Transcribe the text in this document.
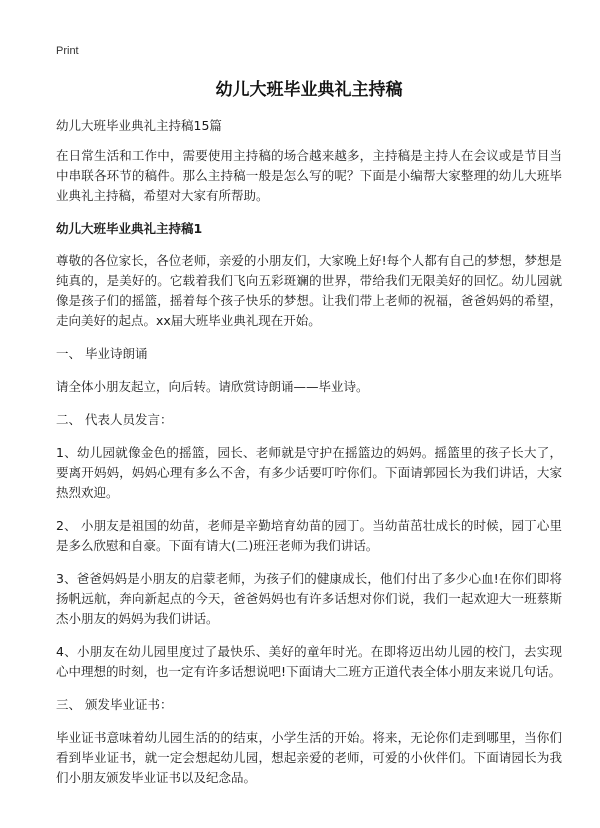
Print
幼儿大班毕业典礼主持稿
幼儿大班毕业典礼主持稿15篇
在日常生活和工作中，需要使用主持稿的场合越来越多，主持稿是主持人在会议或是节目当中串联各环节的稿件。那么主持稿一般是怎么写的呢？下面是小编帮大家整理的幼儿大班毕业典礼主持稿，希望对大家有所帮助。
幼儿大班毕业典礼主持稿1
尊敬的各位家长，各位老师，亲爱的小朋友们，大家晚上好!每个人都有自己的梦想，梦想是纯真的，是美好的。它载着我们飞向五彩斑斓的世界，带给我们无限美好的回忆。幼儿园就像是孩子们的摇篮，摇着每个孩子快乐的梦想。让我们带上老师的祝福，爸爸妈妈的希望，走向美好的起点。xx届大班毕业典礼现在开始。
一、 毕业诗朗诵
请全体小朋友起立，向后转。请欣赏诗朗诵——毕业诗。
二、 代表人员发言：
1、幼儿园就像金色的摇篮，园长、老师就是守护在摇篮边的妈妈。摇篮里的孩子长大了，要离开妈妈，妈妈心理有多么不舍，有多少话要叮咛你们。下面请郭园长为我们讲话，大家热烈欢迎。
2、 小朋友是祖国的幼苗，老师是辛勤培育幼苗的园丁。当幼苗茁壮成长的时候，园丁心里是多么欣慰和自豪。下面有请大(二)班汪老师为我们讲话。
3、爸爸妈妈是小朋友的启蒙老师，为孩子们的健康成长，他们付出了多少心血!在你们即将扬帆远航，奔向新起点的今天，爸爸妈妈也有许多话想对你们说，我们一起欢迎大一班蔡斯杰小朋友的妈妈为我们讲话。
4、小朋友在幼儿园里度过了最快乐、美好的童年时光。在即将迈出幼儿园的校门，去实现心中理想的时刻，也一定有许多话想说吧!下面请大二班方正道代表全体小朋友来说几句话。
三、 颁发毕业证书：
毕业证书意味着幼儿园生活的的结束，小学生活的开始。将来，无论你们走到哪里，当你们看到毕业证书，就一定会想起幼儿园，想起亲爱的老师，可爱的小伙伴们。下面请园长为我们小朋友颁发毕业证书以及纪念品。
